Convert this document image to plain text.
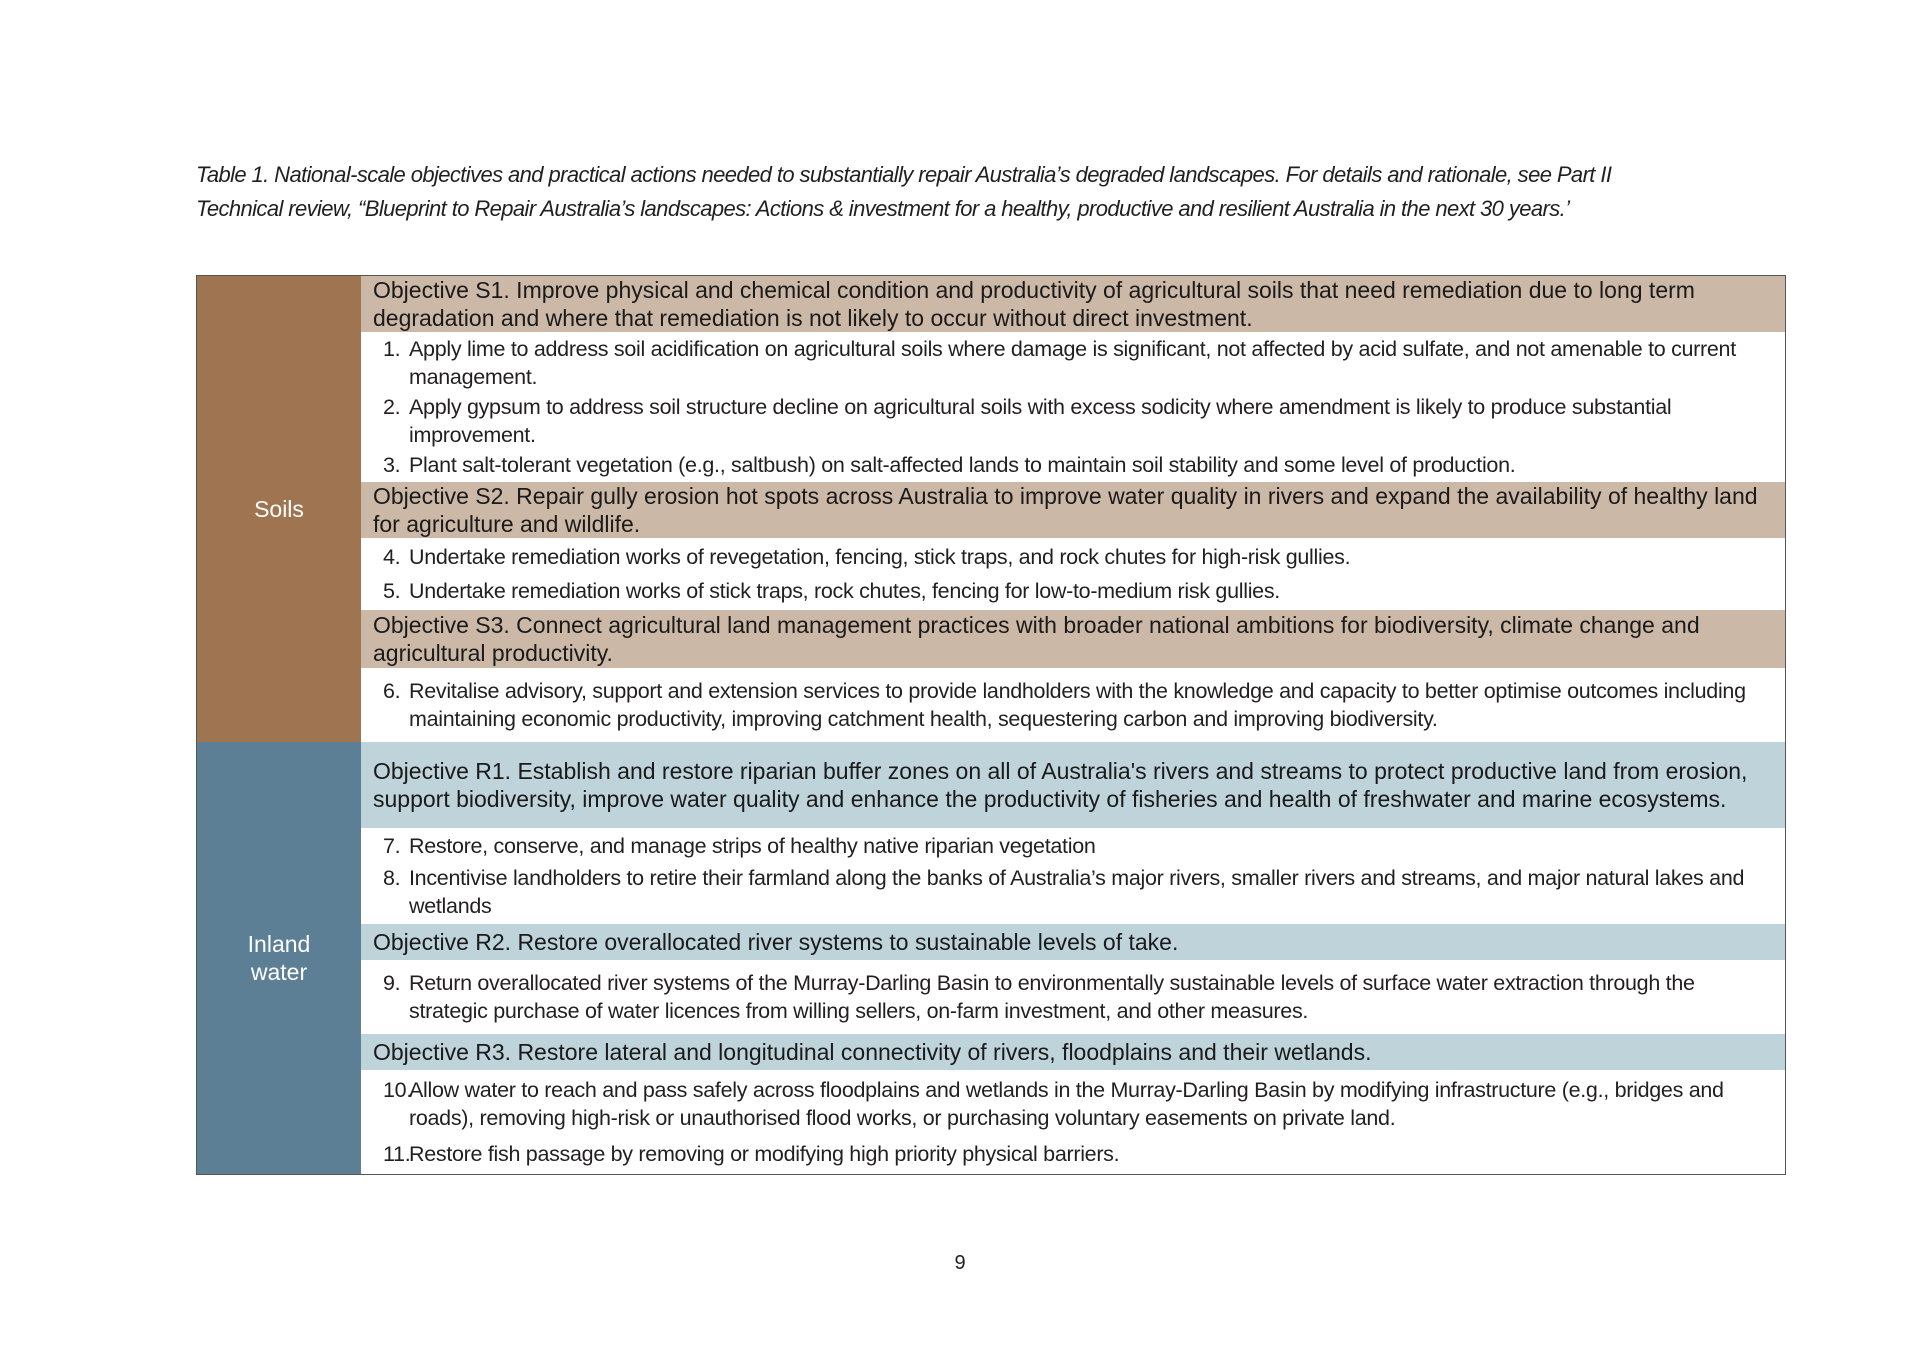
Table 1. National-scale objectives and practical actions needed to substantially repair Australia’s degraded landscapes. For details and rationale, see Part II

Technical review, “Blueprint to Repair Australia’s landscapes: Actions & investment for a healthy, productive and resilient Australia in the next 30 years.’

Soils
Objective S1. Improve physical and chemical condition and productivity of agricultural soils that need remediation due to long term degradation and where that remediation is not likely to occur without direct investment.
1. Apply lime to address soil acidification on agricultural soils where damage is significant, not affected by acid sulfate, and not amenable to current management.
2. Apply gypsum to address soil structure decline on agricultural soils with excess sodicity where amendment is likely to produce substantial improvement.
3. Plant salt-tolerant vegetation (e.g., saltbush) on salt-affected lands to maintain soil stability and some level of production.
Objective S2. Repair gully erosion hot spots across Australia to improve water quality in rivers and expand the availability of healthy land for agriculture and wildlife.
4. Undertake remediation works of revegetation, fencing, stick traps, and rock chutes for high-risk gullies.
5. Undertake remediation works of stick traps, rock chutes, fencing for low-to-medium risk gullies.
Objective S3. Connect agricultural land management practices with broader national ambitions for biodiversity, climate change and agricultural productivity.
6. Revitalise advisory, support and extension services to provide landholders with the knowledge and capacity to better optimise outcomes including maintaining economic productivity, improving catchment health, sequestering carbon and improving biodiversity.
Inland
water
Objective R1. Establish and restore riparian buffer zones on all of Australia's rivers and streams to protect productive land from erosion, support biodiversity, improve water quality and enhance the productivity of fisheries and health of freshwater and marine ecosystems.
7. Restore, conserve, and manage strips of healthy native riparian vegetation
8. Incentivise landholders to retire their farmland along the banks of Australia’s major rivers, smaller rivers and streams, and major natural lakes and wetlands
Objective R2. Restore overallocated river systems to sustainable levels of take.
9. Return overallocated river systems of the Murray-Darling Basin to environmentally sustainable levels of surface water extraction through the strategic purchase of water licences from willing sellers, on-farm investment, and other measures.
Objective R3. Restore lateral and longitudinal connectivity of rivers, floodplains and their wetlands.
10.
Allow water to reach and pass safely across floodplains and wetlands in the Murray-Darling Basin by modifying infrastructure (e.g., bridges and roads), removing high-risk or unauthorised flood works, or purchasing voluntary easements on private land.
11.
Restore fish passage by removing or modifying high priority physical barriers.
9
